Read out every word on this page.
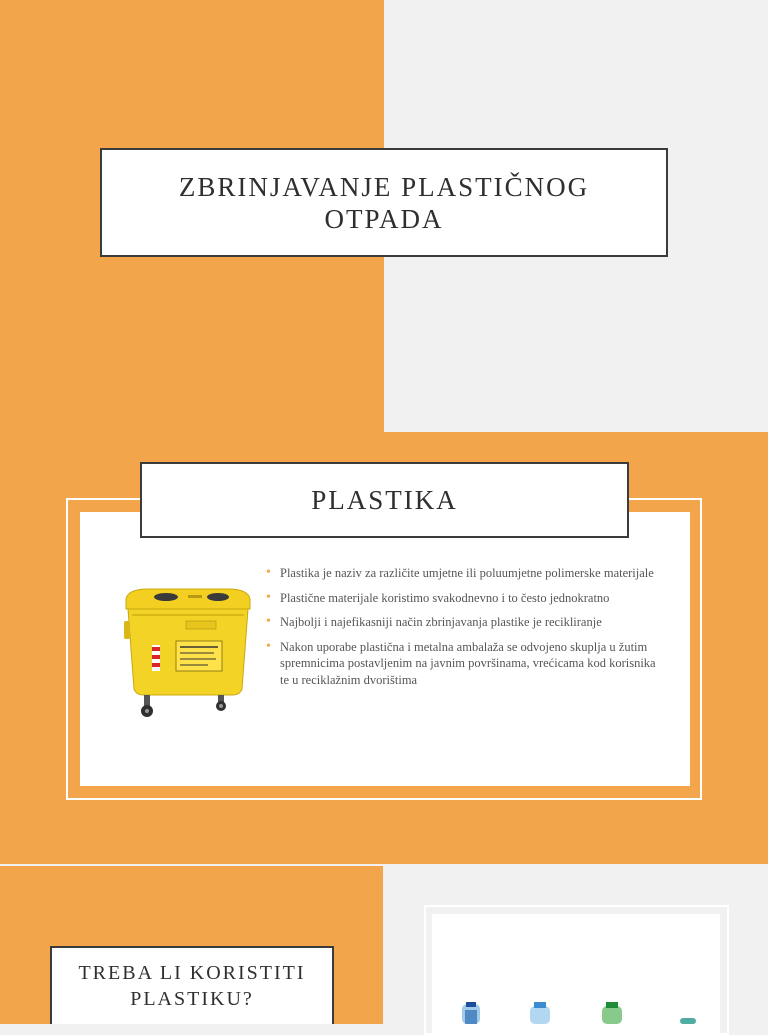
ZBRINJAVANJE PLASTIČNOG OTPADA
PLASTIKA
• Plastika je naziv za različite umjetne ili poluumjetne polimerske materijale
• Plastične materijale koristimo svakodnevno i to često jednokratno
• Najbolji i najefikasniji način zbrinjavanja plastike je recikliranje
• Nakon uporabe plastična i metalna ambalaža se odvojeno skuplja u žutim spremnicima postavljenim na javnim površinama, vrećicama kod korisnika te u reciklažnim dvorištima
TREBA LI KORISTITI PLASTIKU?
